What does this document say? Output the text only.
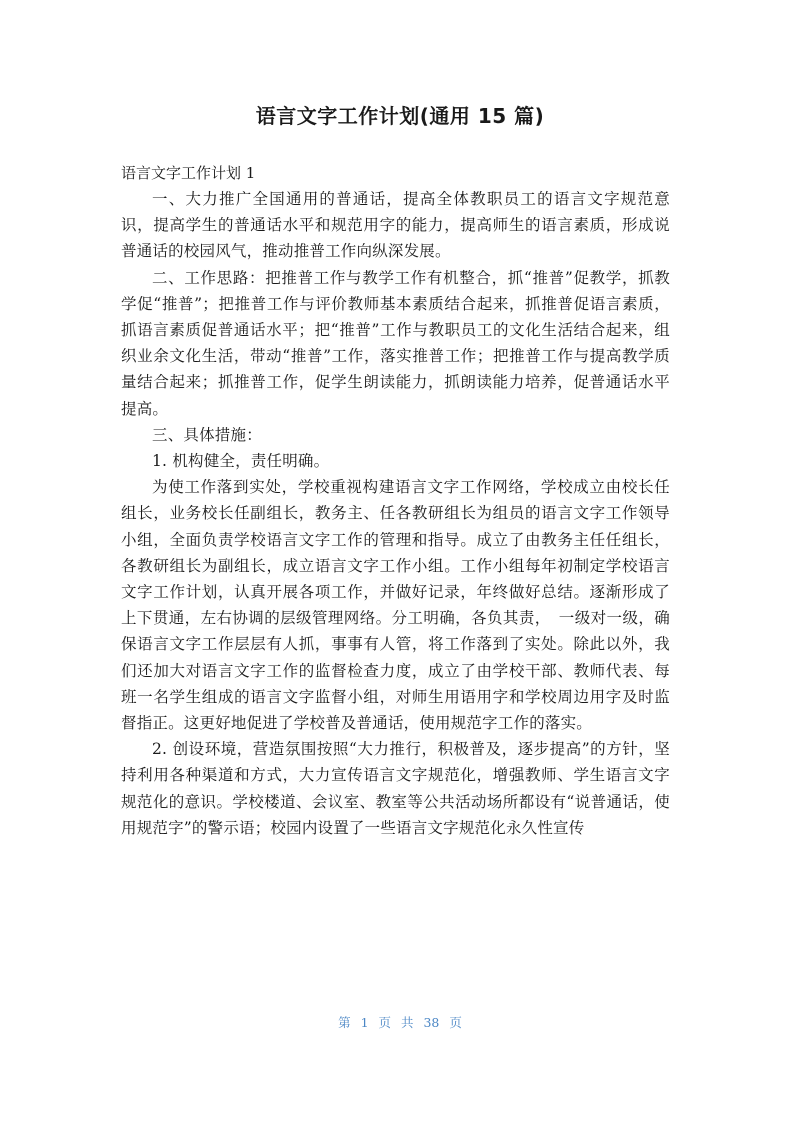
语言文字工作计划(通用 15 篇)

语言文字工作计划 1

一、大力推广全国通用的普通话，提高全体教职员工的语言文字规范意识，提高学生的普通话水平和规范用字的能力，提高师生的语言素质，形成说普通话的校园风气，推动推普工作向纵深发展。

二、工作思路：把推普工作与教学工作有机整合，抓“推普”促教学，抓教学促“推普”；把推普工作与评价教师基本素质结合起来，抓推普促语言素质，抓语言素质促普通话水平；把“推普”工作与教职员工的文化生活结合起来，组织业余文化生活，带动“推普”工作，落实推普工作；把推普工作与提高教学质量结合起来；抓推普工作，促学生朗读能力，抓朗读能力培养，促普通话水平提高。

三、具体措施：

1. 机构健全，责任明确。

为使工作落到实处，学校重视构建语言文字工作网络，学校成立由校长任组长，业务校长任副组长，教务主、任各教研组长为组员的语言文字工作领导小组，全面负责学校语言文字工作的管理和指导。成立了由教务主任任组长，各教研组长为副组长，成立语言文字工作小组。工作小组每年初制定学校语言文字工作计划，认真开展各项工作，并做好记录，年终做好总结。逐渐形成了上下贯通，左右协调的层级管理网络。分工明确，各负其责，　一级对一级，确保语言文字工作层层有人抓，事事有人管，将工作落到了实处。除此以外，我们还加大对语言文字工作的监督检查力度，成立了由学校干部、教师代表、每班一名学生组成的语言文字监督小组，对师生用语用字和学校周边用字及时监督指正。这更好地促进了学校普及普通话，使用规范字工作的落实。

2. 创设环境，营造氛围按照“大力推行，积极普及，逐步提高”的方针，坚持利用各种渠道和方式，大力宣传语言文字规范化，增强教师、学生语言文字规范化的意识。学校楼道、会议室、教室等公共活动场所都设有“说普通话，使用规范字”的警示语；校园内设置了一些语言文字规范化永久性宣传

第 1 页 共 38 页
